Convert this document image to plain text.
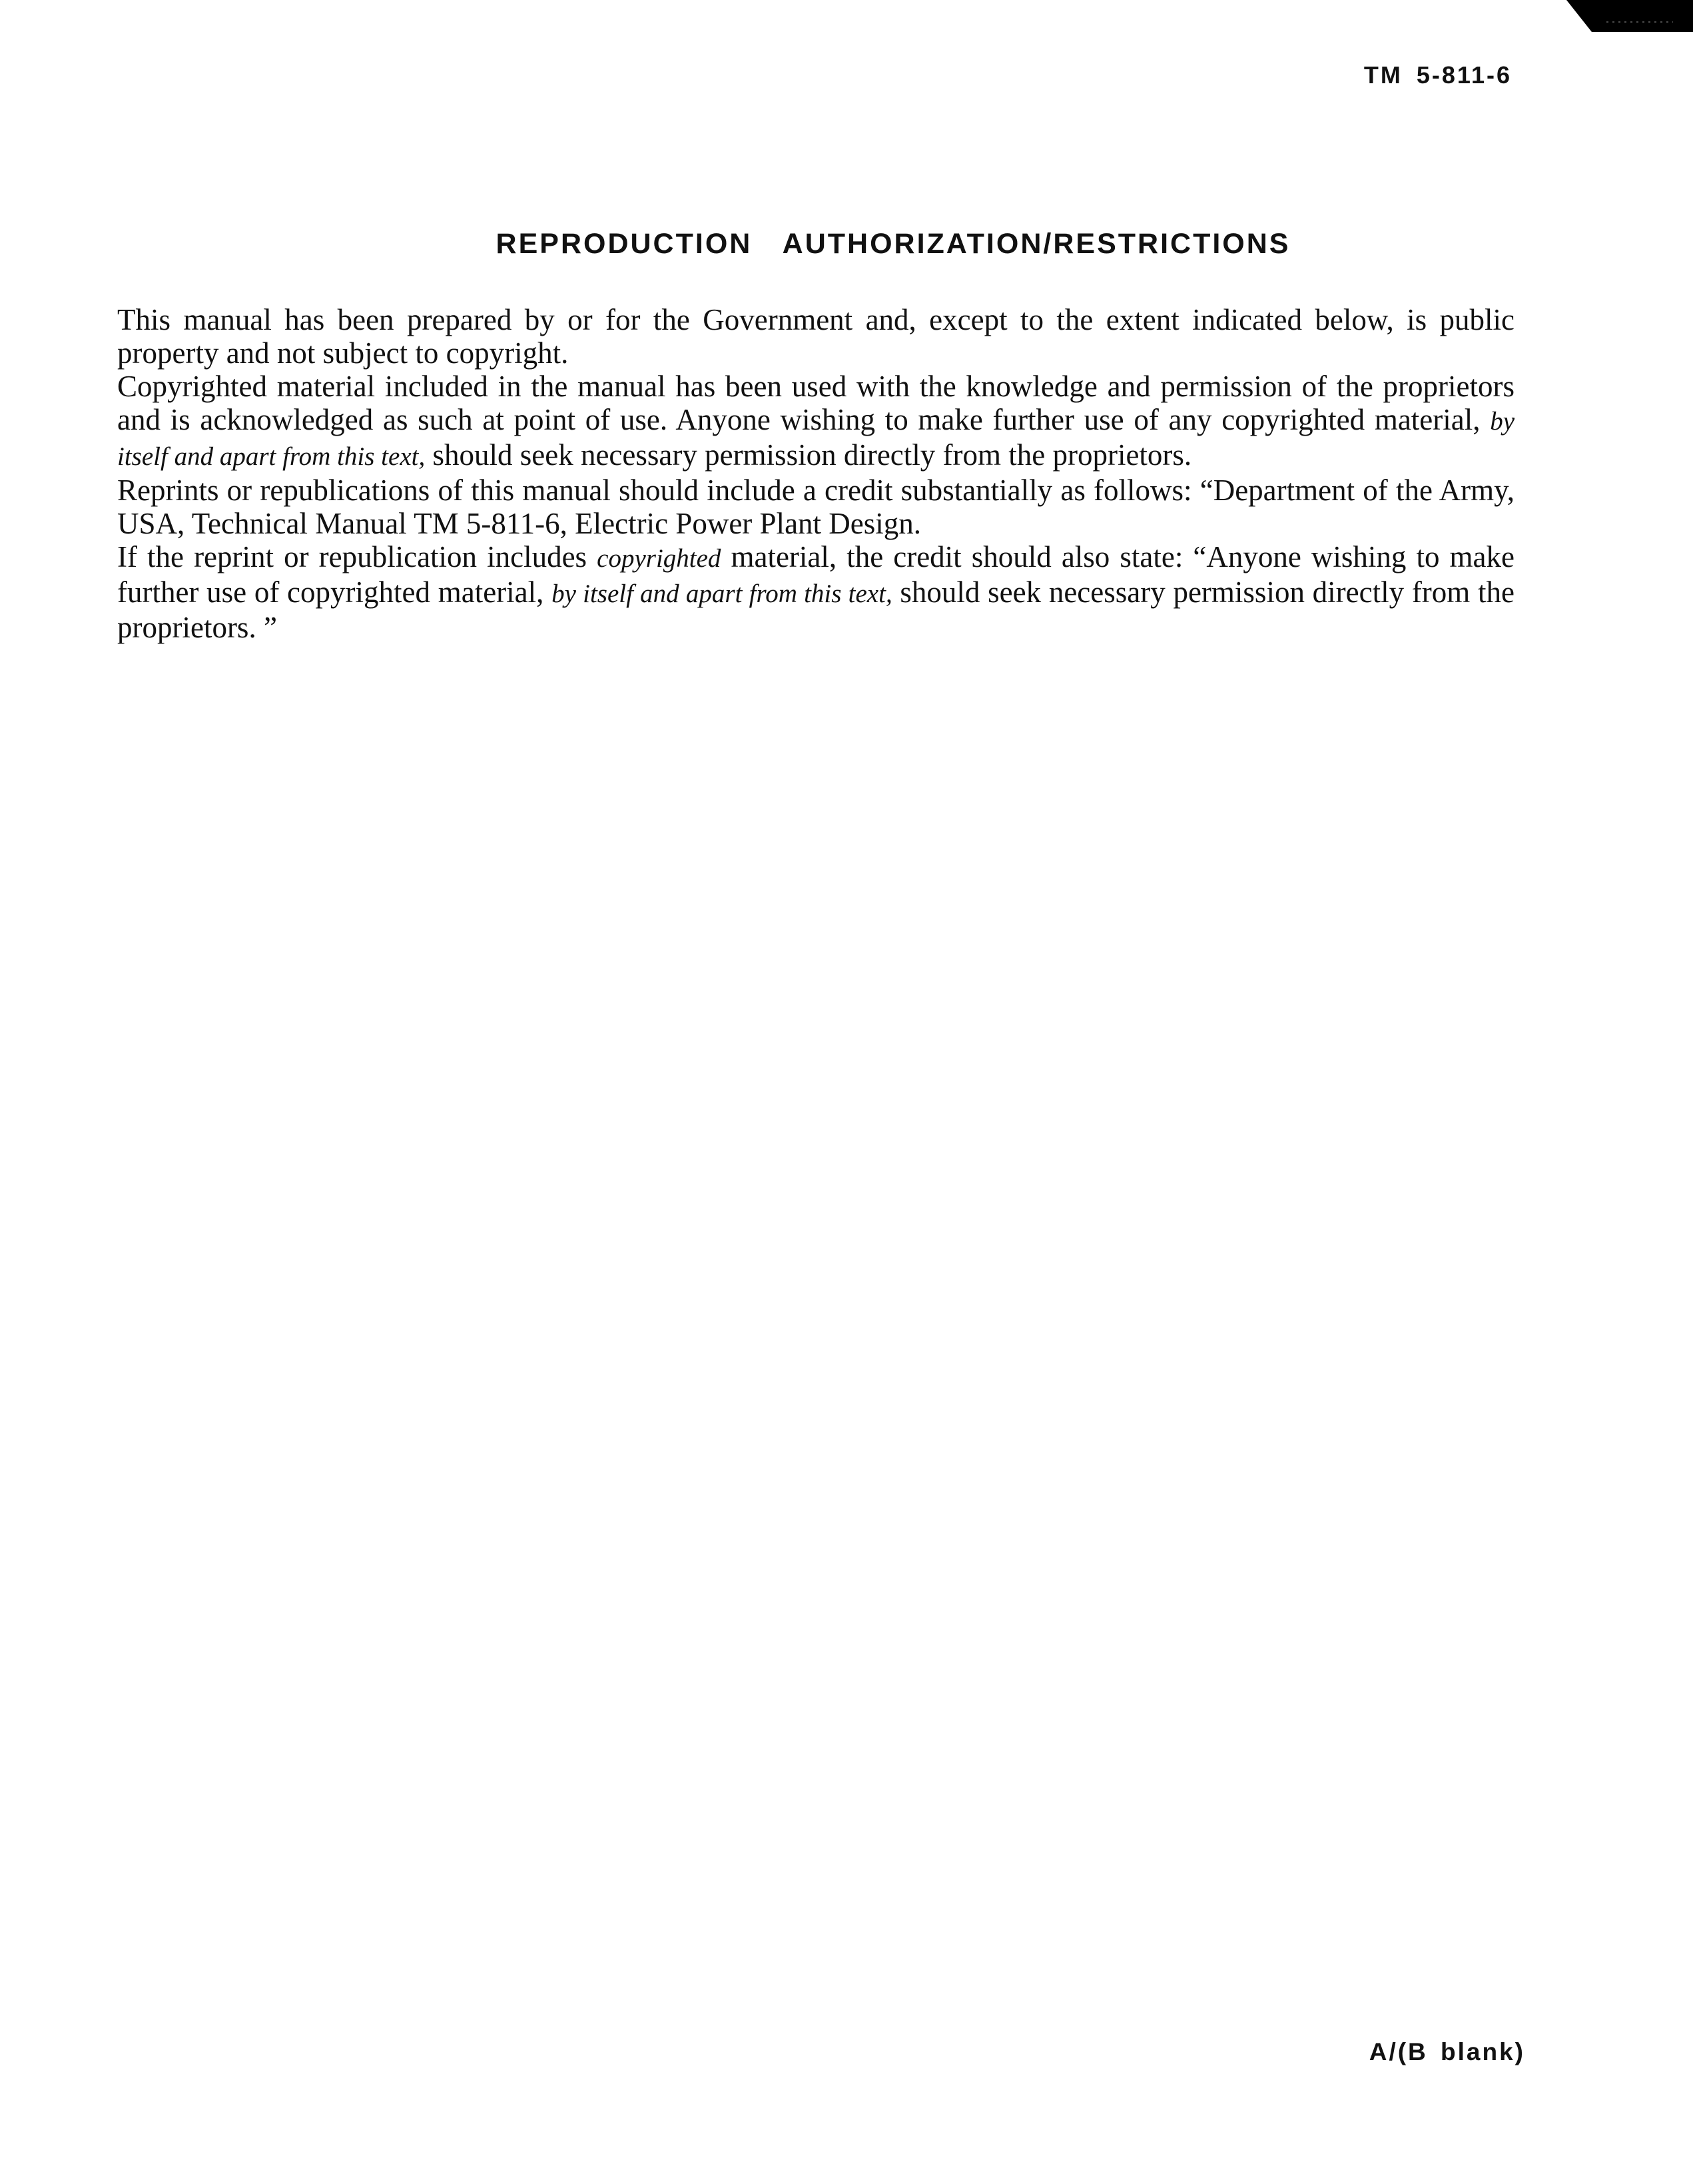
TM 5-811-6
REPRODUCTION AUTHORIZATION/RESTRICTIONS

This manual has been prepared by or for the Government and, except to the extent indicated below, is public property and not subject to copyright.

Copyrighted material included in the manual has been used with the knowledge and permission of the proprietors and is acknowledged as such at point of use. Anyone wishing to make further use of any copyrighted material, by itself and apart from this text, should seek necessary permission directly from the proprietors.

Reprints or republications of this manual should include a credit substantially as follows: “Department of the Army, USA, Technical Manual TM 5-811-6, Electric Power Plant Design.

If the reprint or republication includes copyrighted material, the credit should also state: “Anyone wishing to make further use of copyrighted material, by itself and apart from this text, should seek necessary permission directly from the proprietors. ”

A/(B blank)
